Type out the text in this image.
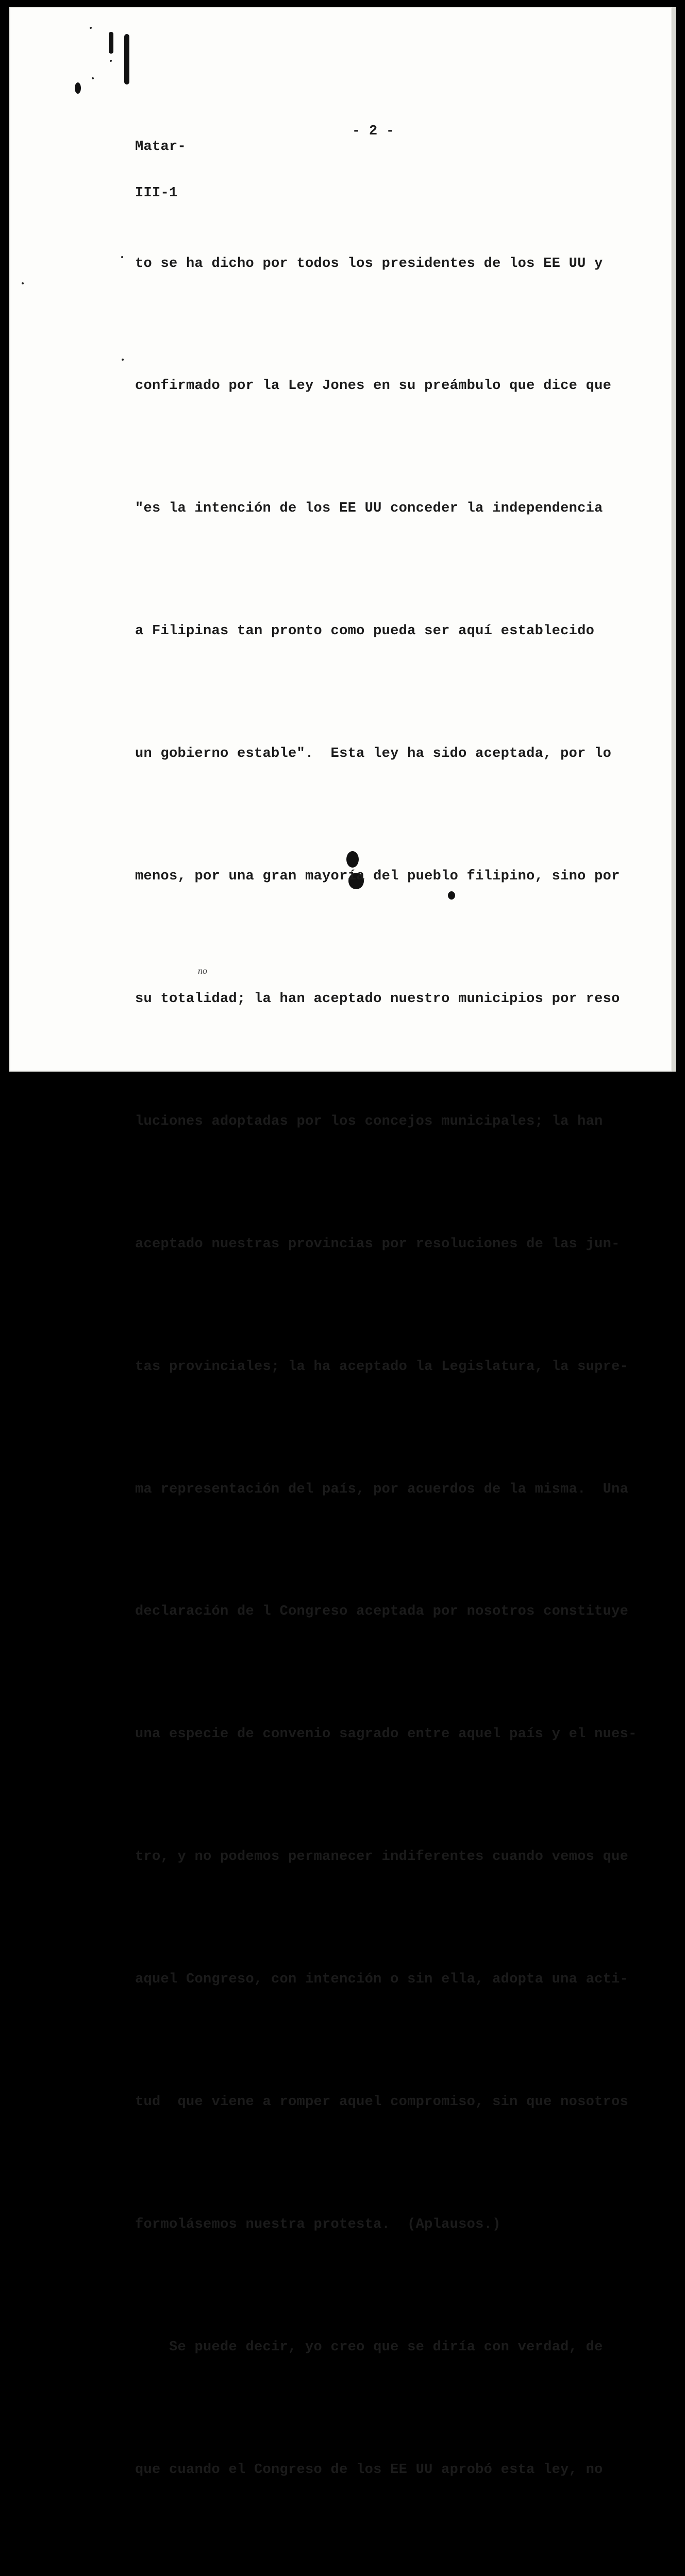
Matar-

III-1

- 2 -

to se ha dicho por todos los presidentes de los EE UU y

confirmado por la Ley Jones en su preámbulo que dice que

"es la intención de los EE UU conceder la independencia

a Filipinas tan pronto como pueda ser aquí establecido

un gobierno estable".  Esta ley ha sido aceptada, por lo

menos, por una gran mayoría del pueblo filipino, sino por

su totalidad; la han aceptado nuestro municipios por reso

luciones adoptadas por los concejos municipales; la han

aceptado nuestras provincias por resoluciones de las jun-

tas provinciales; la ha aceptado la Legislatura, la supre-

ma representación del país, por acuerdos de la misma.  Una

declaración de l Congreso aceptada por nosotros constituye

una especie de convenio sagrado entre aquel país y el nues-

tro, y no podemos permanecer indiferentes cuando vemos que

aquel Congreso, con intención o sin ella, adopta una acti-

tud  que viene a romper aquel compromiso, sin que nosotros

formolásemos nuestra protesta.  (Aplausos.)

Se puede decir, yo creo que se diría con verdad, de

que cuando el Congreso de los EE UU aprobó esta ley, no

no
